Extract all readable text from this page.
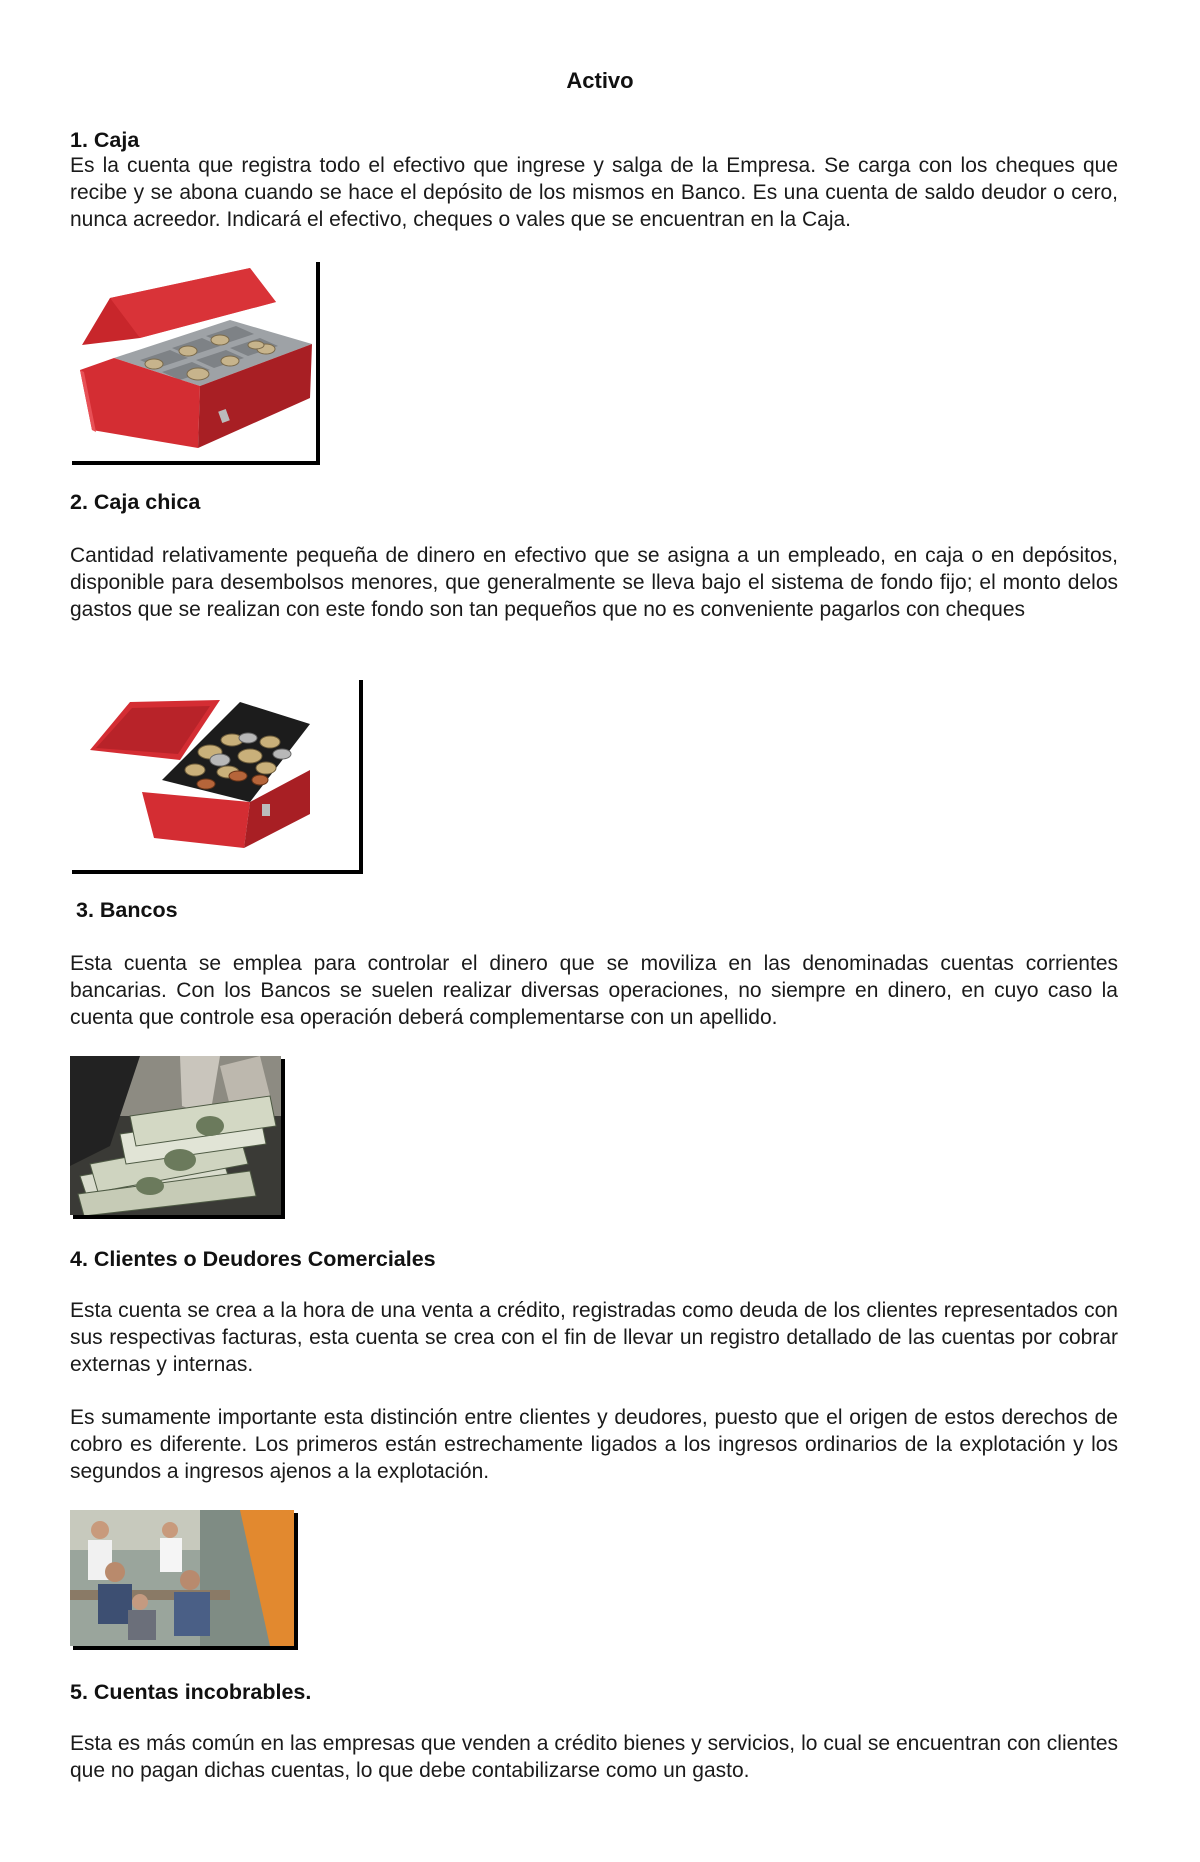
Activo
1. Caja

Es la cuenta que registra todo el efectivo que ingrese y salga de la Empresa. Se carga con los cheques que recibe y se abona cuando se hace el depósito de los mismos en Banco. Es una cuenta de saldo deudor o cero, nunca acreedor. Indicará el efectivo, cheques o vales que se encuentran en la Caja.

2. Caja chica

Cantidad relativamente pequeña de dinero en efectivo que se asigna a un empleado, en caja o en depósitos, disponible para desembolsos menores, que generalmente se lleva bajo el sistema de fondo fijo; el monto delos gastos que se realizan con este fondo son tan pequeños que no es conveniente pagarlos con cheques

3. Bancos

Esta cuenta se emplea para controlar el dinero que se moviliza en las denominadas cuentas corrientes bancarias. Con los Bancos se suelen realizar diversas operaciones, no siempre en dinero, en cuyo caso la cuenta que controle esa operación deberá complementarse con un apellido.

4. Clientes o Deudores Comerciales

Esta cuenta se crea a la hora de una venta a crédito, registradas como deuda de los clientes representados con sus respectivas facturas, esta cuenta se crea con el fin de llevar un registro detallado de las cuentas por cobrar externas y internas.

Es sumamente importante esta distinción entre clientes y deudores, puesto que el origen de estos derechos de cobro es diferente. Los primeros están estrechamente ligados a los ingresos ordinarios de la explotación y los segundos a ingresos ajenos a la explotación.

5. Cuentas incobrables.

Esta es más común en las empresas que venden a crédito bienes y servicios, lo cual se encuentran con clientes que no pagan dichas cuentas, lo que debe contabilizarse como un gasto.
